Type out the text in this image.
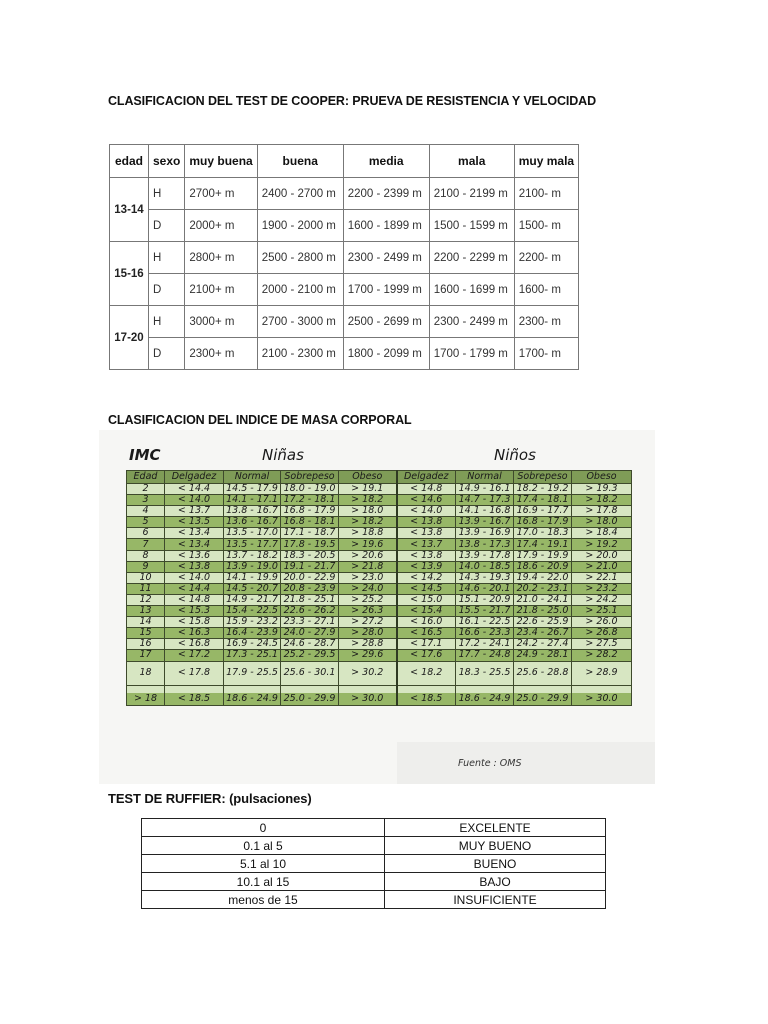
CLASIFICACION DEL TEST DE COOPER: PRUEVA DE RESISTENCIA Y VELOCIDAD
edad	sexo	muy buena	buena	media	mala	muy mala
13-14	H	2700+ m	2400 - 2700 m	2200 - 2399 m	2100 - 2199 m	2100- m
	D	2000+ m	1900 - 2000 m	1600 - 1899 m	1500 - 1599 m	1500- m
15-16	H	2800+ m	2500 - 2800 m	2300 - 2499 m	2200 - 2299 m	2200- m
	D	2100+ m	2000 - 2100 m	1700 - 1999 m	1600 - 1699 m	1600- m
17-20	H	3000+ m	2700 - 3000 m	2500 - 2699 m	2300 - 2499 m	2300- m
	D	2300+ m	2100 - 2300 m	1800 - 2099 m	1700 - 1799 m	1700- m
CLASIFICACION DEL INDICE DE MASA CORPORAL
IMC	Niñas	Niños
Edad	Delgadez	Normal	Sobrepeso	Obeso	Delgadez	Normal	Sobrepeso	Obeso
2	< 14.4	14.5 - 17.9	18.0 - 19.0	> 19.1	< 14.8	14.9 - 16.1	18.2 - 19.2	> 19.3
3	< 14.0	14.1 - 17.1	17.2 - 18.1	> 18.2	< 14.6	14.7 - 17.3	17.4 - 18.1	> 18.2
4	< 13.7	13.8 - 16.7	16.8 - 17.9	> 18.0	< 14.0	14.1 - 16.8	16.9 - 17.7	> 17.8
5	< 13.5	13.6 - 16.7	16.8 - 18.1	> 18.2	< 13.8	13.9 - 16.7	16.8 - 17.9	> 18.0
6	< 13.4	13.5 - 17.0	17.1 - 18.7	> 18.8	< 13.8	13.9 - 16.9	17.0 - 18.3	> 18.4
7	< 13.4	13.5 - 17.7	17.8 - 19.5	> 19.6	< 13.7	13.8 - 17.3	17.4 - 19.1	> 19.2
8	< 13.6	13.7 - 18.2	18.3 - 20.5	> 20.6	< 13.8	13.9 - 17.8	17.9 - 19.9	> 20.0
9	< 13.8	13.9 - 19.0	19.1 - 21.7	> 21.8	< 13.9	14.0 - 18.5	18.6 - 20.9	> 21.0
10	< 14.0	14.1 - 19.9	20.0 - 22.9	> 23.0	< 14.2	14.3 - 19.3	19.4 - 22.0	> 22.1
11	< 14.4	14.5 - 20.7	20.8 - 23.9	> 24.0	< 14.5	14.6 - 20.1	20.2 - 23.1	> 23.2
12	< 14.8	14.9 - 21.7	21.8 - 25.1	> 25.2	< 15.0	15.1 - 20.9	21.0 - 24.1	> 24.2
13	< 15.3	15.4 - 22.5	22.6 - 26.2	> 26.3	< 15.4	15.5 - 21.7	21.8 - 25.0	> 25.1
14	< 15.8	15.9 - 23.2	23.3 - 27.1	> 27.2	< 16.0	16.1 - 22.5	22.6 - 25.9	> 26.0
15	< 16.3	16.4 - 23.9	24.0 - 27.9	> 28.0	< 16.5	16.6 - 23.3	23.4 - 26.7	> 26.8
16	< 16.8	16.9 - 24.5	24.6 - 28.7	> 28.8	< 17.1	17.2 - 24.1	24.2 - 27.4	> 27.5
17	< 17.2	17.3 - 25.1	25.2 - 29.5	> 29.6	< 17.6	17.7 - 24.8	24.9 - 28.1	> 28.2
18	< 17.8	17.9 - 25.5	25.6 - 30.1	> 30.2	< 18.2	18.3 - 25.5	25.6 - 28.8	> 28.9

> 18	< 18.5	18.6 - 24.9	25.0 - 29.9	> 30.0	< 18.5	18.6 - 24.9	25.0 - 29.9	> 30.0
Fuente : OMS
TEST DE RUFFIER: (pulsaciones)
0	EXCELENTE
0.1 al 5	MUY BUENO
5.1 al 10	BUENO
10.1 al 15	BAJO
menos de 15	INSUFICIENTE
